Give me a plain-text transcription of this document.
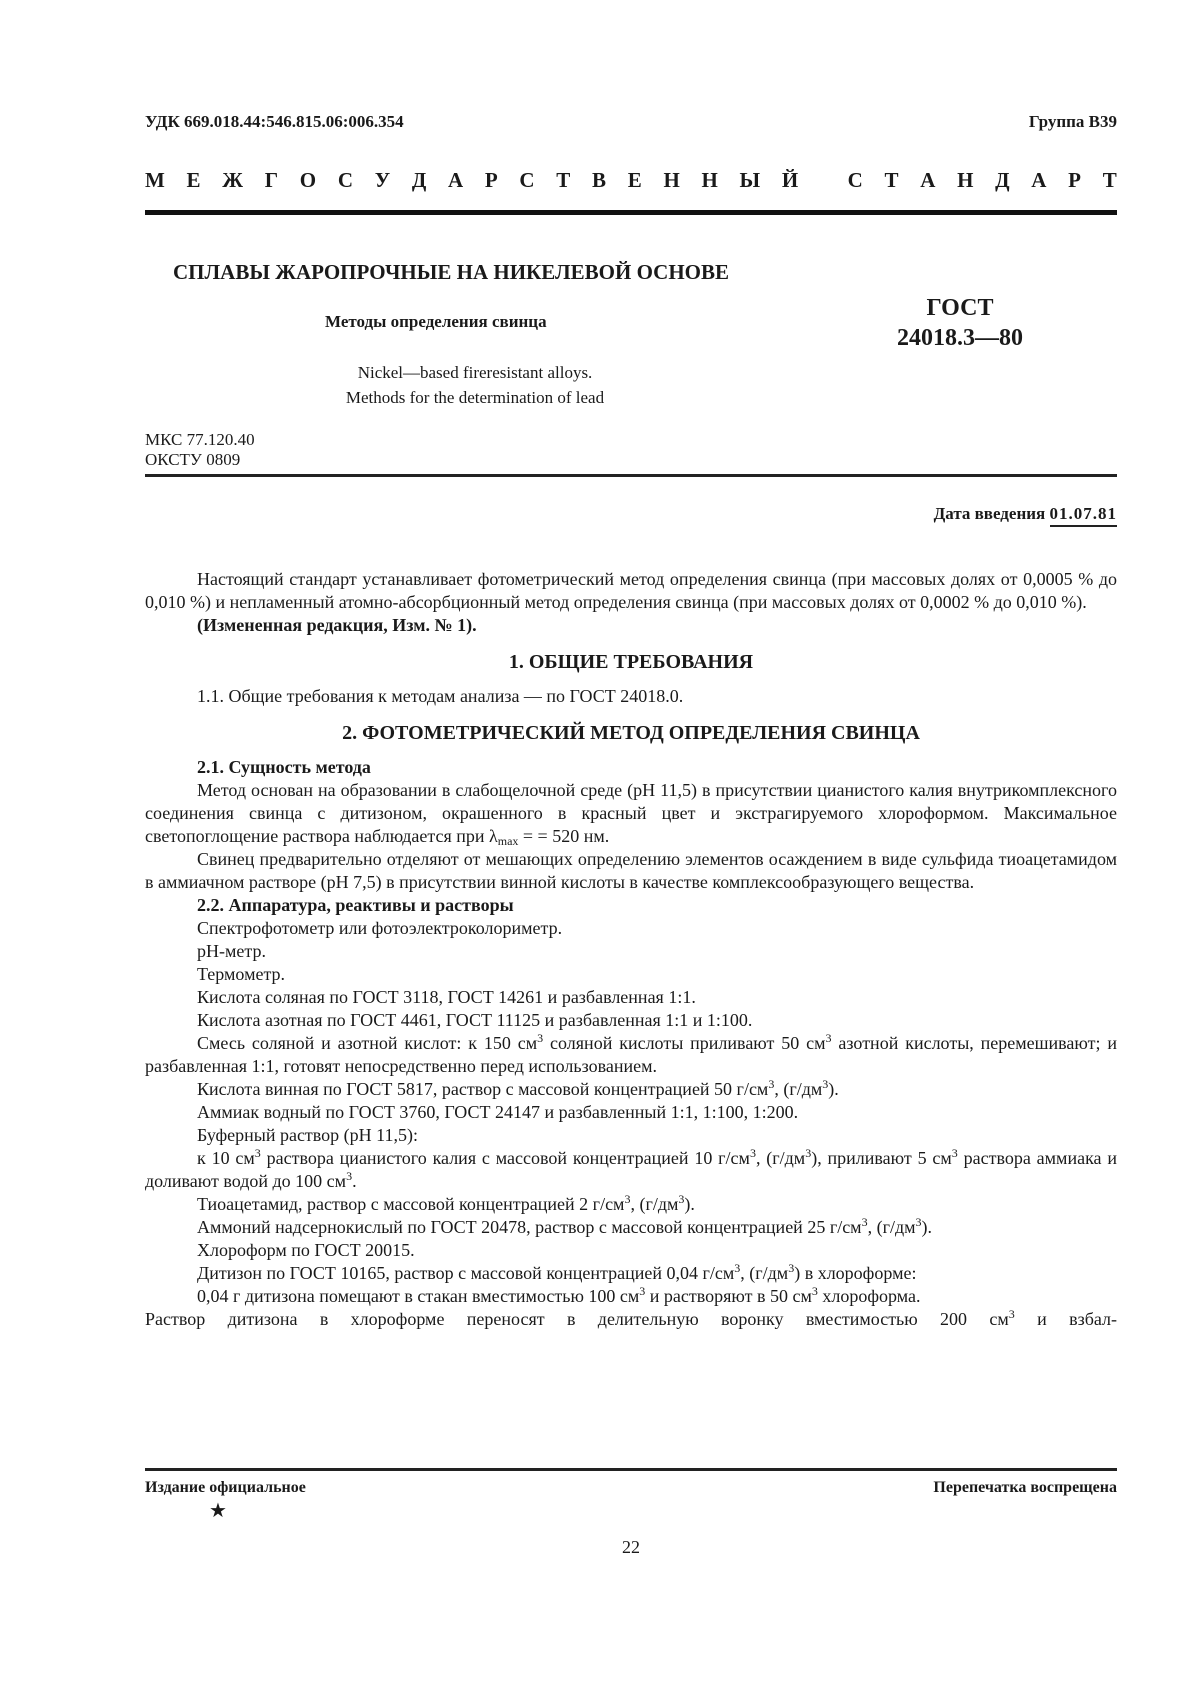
УДК 669.018.44:546.815.06:006.354	Группа В39
М Е Ж Г О С У Д А Р С Т В Е Н Н Ы Й С Т А Н Д А Р Т
СПЛАВЫ ЖАРОПРОЧНЫЕ НА НИКЕЛЕВОЙ ОСНОВЕ
Методы определения свинца
ГОСТ
24018.3—80
Nickel—based fireresistant alloys.
Methods for the determination of lead
МКС 77.120.40
ОКСТУ 0809
Дата введения 01.07.81

Настоящий стандарт устанавливает фотометрический метод определения свинца (при массовых долях от 0,0005 % до 0,010 %) и непламенный атомно-абсорбционный метод определения свинца (при массовых долях от 0,0002 % до 0,010 %).

(Измененная редакция, Изм. № 1).

1. ОБЩИЕ ТРЕБОВАНИЯ

1.1. Общие требования к методам анализа — по ГОСТ 24018.0.

2. ФОТОМЕТРИЧЕСКИЙ МЕТОД ОПРЕДЕЛЕНИЯ СВИНЦА

2.1. Сущность метода

Метод основан на образовании в слабощелочной среде (pH 11,5) в присутствии цианистого калия внутрикомплексного соединения свинца с дитизоном, окрашенного в красный цвет и экстрагируемого хлороформом. Максимальное светопоглощение раствора наблюдается при $\lambda_{max}$ = = 520 нм.

Свинец предварительно отделяют от мешающих определению элементов осаждением в виде сульфида тиоацетамидом в аммиачном растворе (pH 7,5) в присутствии винной кислоты в качестве комплексообразующего вещества.

2.2. Аппаратура, реактивы и растворы

Спектрофотометр или фотоэлектроколориметр.

pH-метр.

Термометр.

Кислота соляная по ГОСТ 3118, ГОСТ 14261 и разбавленная 1:1.

Кислота азотная по ГОСТ 4461, ГОСТ 11125 и разбавленная 1:1 и 1:100.

Смесь соляной и азотной кислот: к 150 $см^3$ соляной кислоты приливают 50 $см^3$ азотной кислоты, перемешивают; и разбавленная 1:1, готовят непосредственно перед использованием.

Кислота винная по ГОСТ 5817, раствор с массовой концентрацией 50 $г/см^3$, $(г/дм^3)$.

Аммиак водный по ГОСТ 3760, ГОСТ 24147 и разбавленный 1:1, 1:100, 1:200.

Буферный раствор (pH 11,5):

к 10 $см^3$ раствора цианистого калия с массовой концентрацией 10 $г/см^3$, $(г/дм^3)$, приливают 5 $см^3$ раствора аммиака и доливают водой до 100 $см^3$.

Тиоацетамид, раствор с массовой концентрацией 2 $г/см^3$, $(г/дм^3)$.

Аммоний надсернокислый по ГОСТ 20478, раствор с массовой концентрацией 25 $г/см^3$, $(г/дм^3)$.

Хлороформ по ГОСТ 20015.

Дитизон по ГОСТ 10165, раствор с массовой концентрацией 0,04 $г/см^3$, $(г/дм^3)$ в хлороформе:

0,04 г дитизона помещают в стакан вместимостью 100 $см^3$ и растворяют в 50 $см^3$ хлороформа.

Раствор дитизона в хлороформе переносят в делительную воронку вместимостью 200 $см^3$ и взбал-

Издание официальное
★
Перепечатка воспрещена
22
